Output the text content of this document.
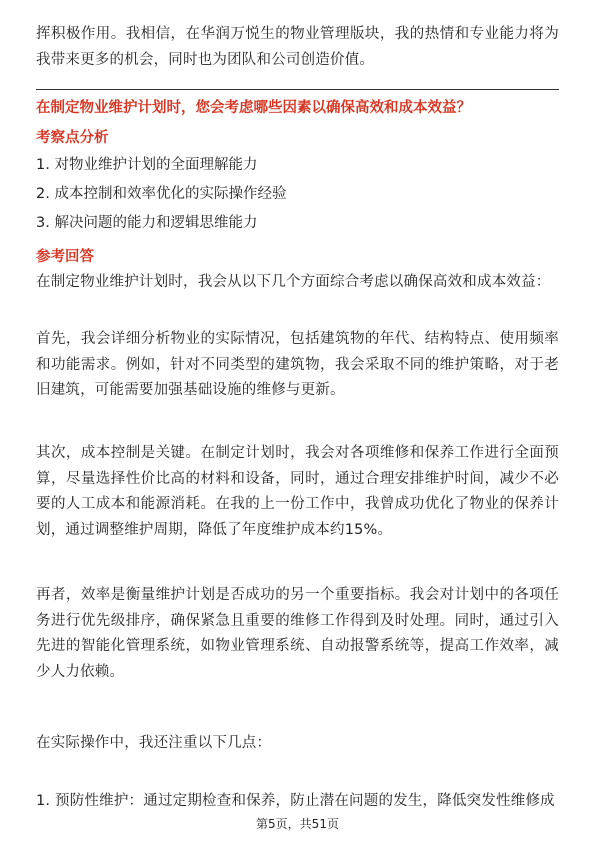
挥积极作用。我相信，在华润万悦生的物业管理版块，我的热情和专业能力将为我带来更多的机会，同时也为团队和公司创造价值。

在制定物业维护计划时，您会考虑哪些因素以确保高效和成本效益？

考察点分析

1. 对物业维护计划的全面理解能力

2. 成本控制和效率优化的实际操作经验

3. 解决问题的能力和逻辑思维能力

参考回答

在制定物业维护计划时，我会从以下几个方面综合考虑以确保高效和成本效益：

首先，我会详细分析物业的实际情况，包括建筑物的年代、结构特点、使用频率和功能需求。例如，针对不同类型的建筑物，我会采取不同的维护策略，对于老旧建筑，可能需要加强基础设施的维修与更新。

其次，成本控制是关键。在制定计划时，我会对各项维修和保养工作进行全面预算，尽量选择性价比高的材料和设备，同时，通过合理安排维护时间，减少不必要的人工成本和能源消耗。在我的上一份工作中，我曾成功优化了物业的保养计划，通过调整维护周期，降低了年度维护成本约15%。

再者，效率是衡量维护计划是否成功的另一个重要指标。我会对计划中的各项任务进行优先级排序，确保紧急且重要的维修工作得到及时处理。同时，通过引入先进的智能化管理系统，如物业管理系统、自动报警系统等，提高工作效率，减少人力依赖。

在实际操作中，我还注重以下几点：

1. 预防性维护：通过定期检查和保养，防止潜在问题的发生，降低突发性维修成

第5页，共51页
